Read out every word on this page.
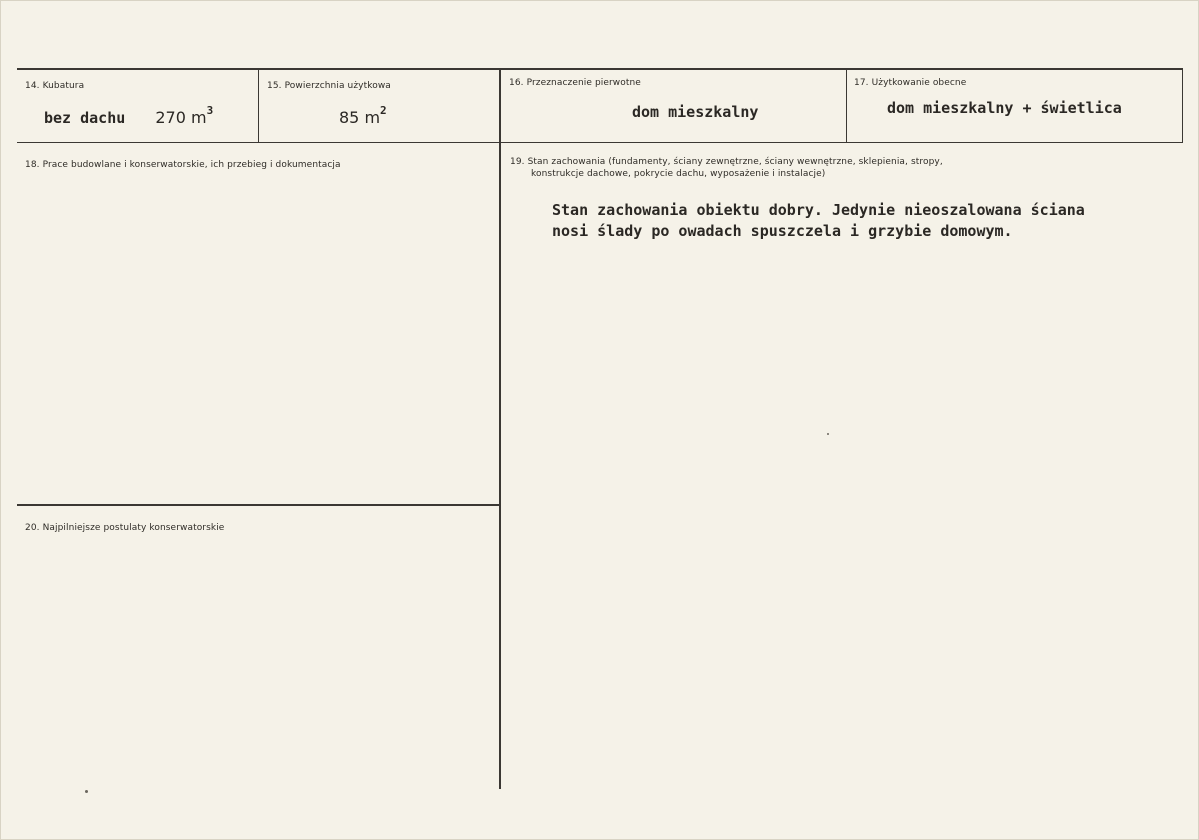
14. Kubatura
bez dachu 270 $m^3$
15. Powierzchnia użytkowa
85 $m^2$
16. Przeznaczenie pierwotne
dom mieszkalny
17. Użytkowanie obecne
dom mieszkalny + świetlica
18. Prace budowlane i konserwatorskie, ich przebieg i dokumentacja	19. Stan zachowania (fundamenty, ściany zewnętrzne, ściany wewnętrzne, sklepienia, stropy,
konstrukcje dachowe, pokrycie dachu, wyposażenie i instalacje)
Stan zachowania obiektu dobry. Jedynie nieoszalowana ściana nosi ślady po owadach spuszczela i grzybie domowym.
20. Najpilniejsze postulaty konserwatorskie
